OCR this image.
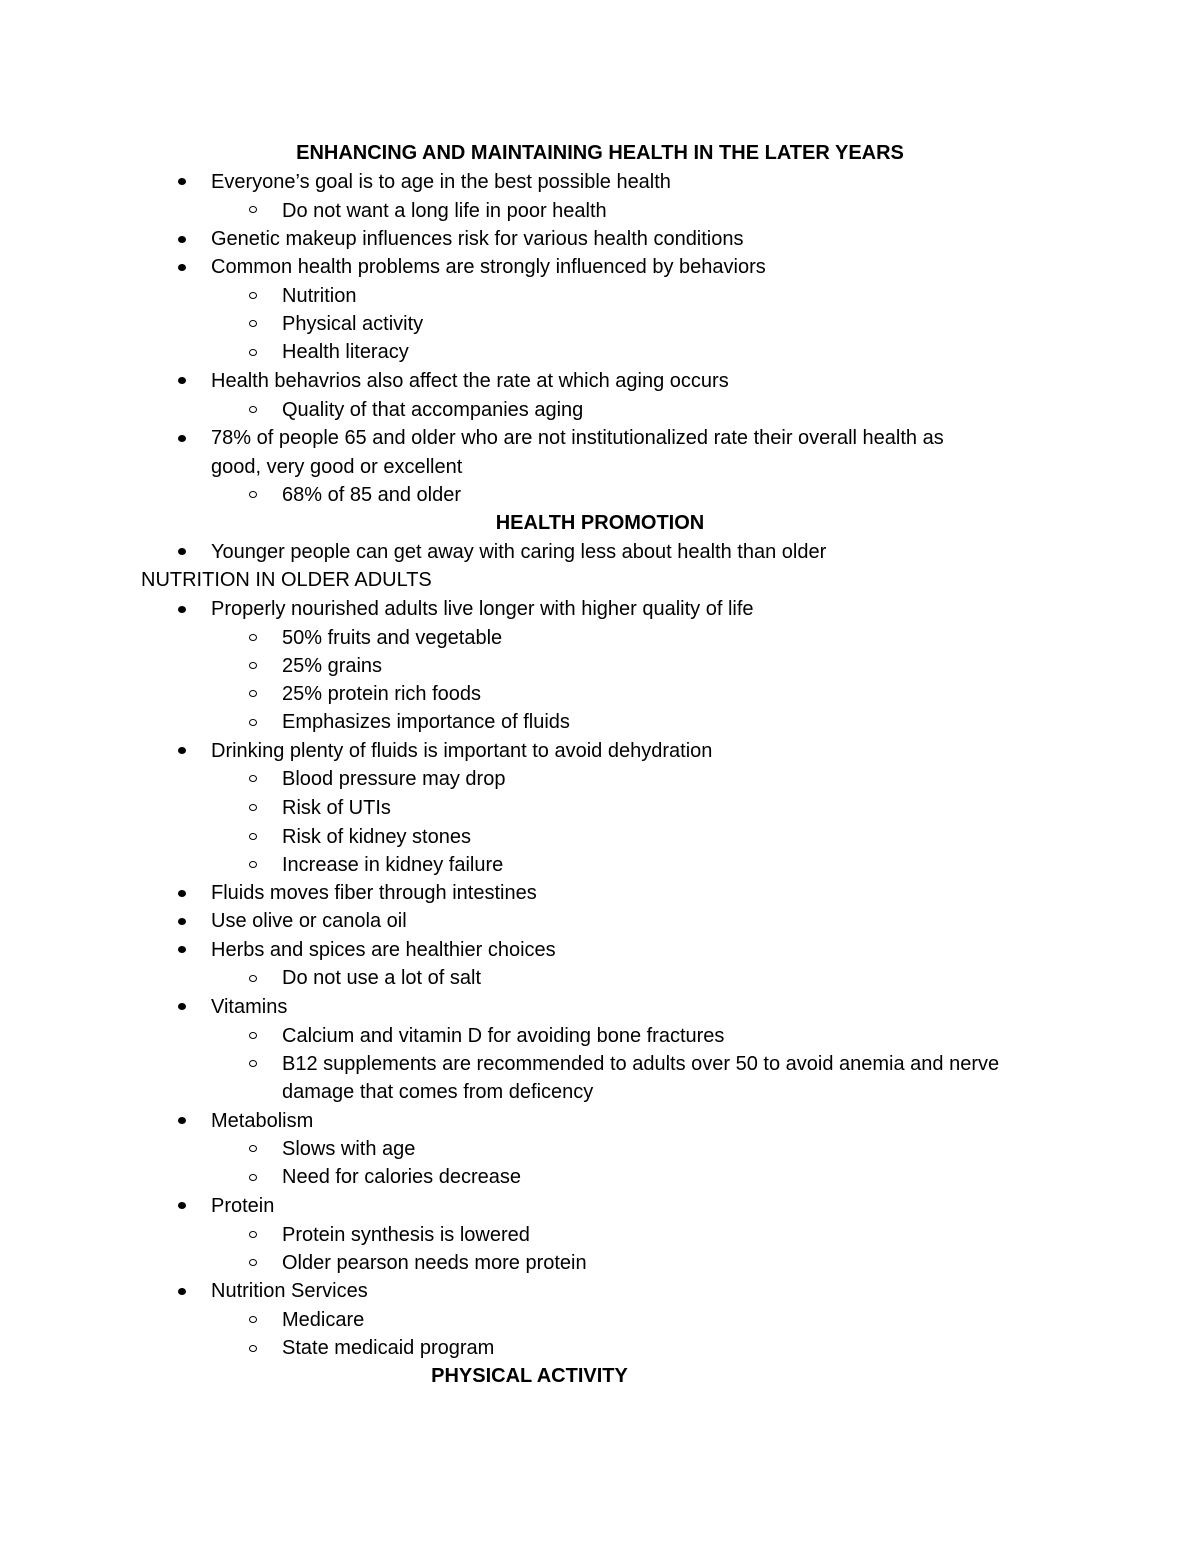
ENHANCING AND MAINTAINING HEALTH IN THE LATER YEARS
Everyone’s goal is to age in the best possible health
Do not want a long life in poor health
Genetic makeup influences risk for various health conditions
Common health problems are strongly influenced by behaviors
Nutrition
Physical activity
Health literacy
Health behavrios also affect the rate at which aging occurs
Quality of that accompanies aging
78% of people 65 and older who are not institutionalized rate their overall health as
good, very good or excellent
68% of 85 and older
HEALTH PROMOTION
Younger people can get away with caring less about health than older
NUTRITION IN OLDER ADULTS
Properly nourished adults live longer with higher quality of life
50% fruits and vegetable
25% grains
25% protein rich foods
Emphasizes importance of fluids
Drinking plenty of fluids is important to avoid dehydration
Blood pressure may drop
Risk of UTIs
Risk of kidney stones
Increase in kidney failure
Fluids moves fiber through intestines
Use olive or canola oil
Herbs and spices are healthier choices
Do not use a lot of salt
Vitamins
Calcium and vitamin D for avoiding bone fractures
B12 supplements are recommended to adults over 50 to avoid anemia and nerve
damage that comes from deficency
Metabolism
Slows with age
Need for calories decrease
Protein
Protein synthesis is lowered
Older pearson needs more protein
Nutrition Services
Medicare
State medicaid program
PHYSICAL ACTIVITY
